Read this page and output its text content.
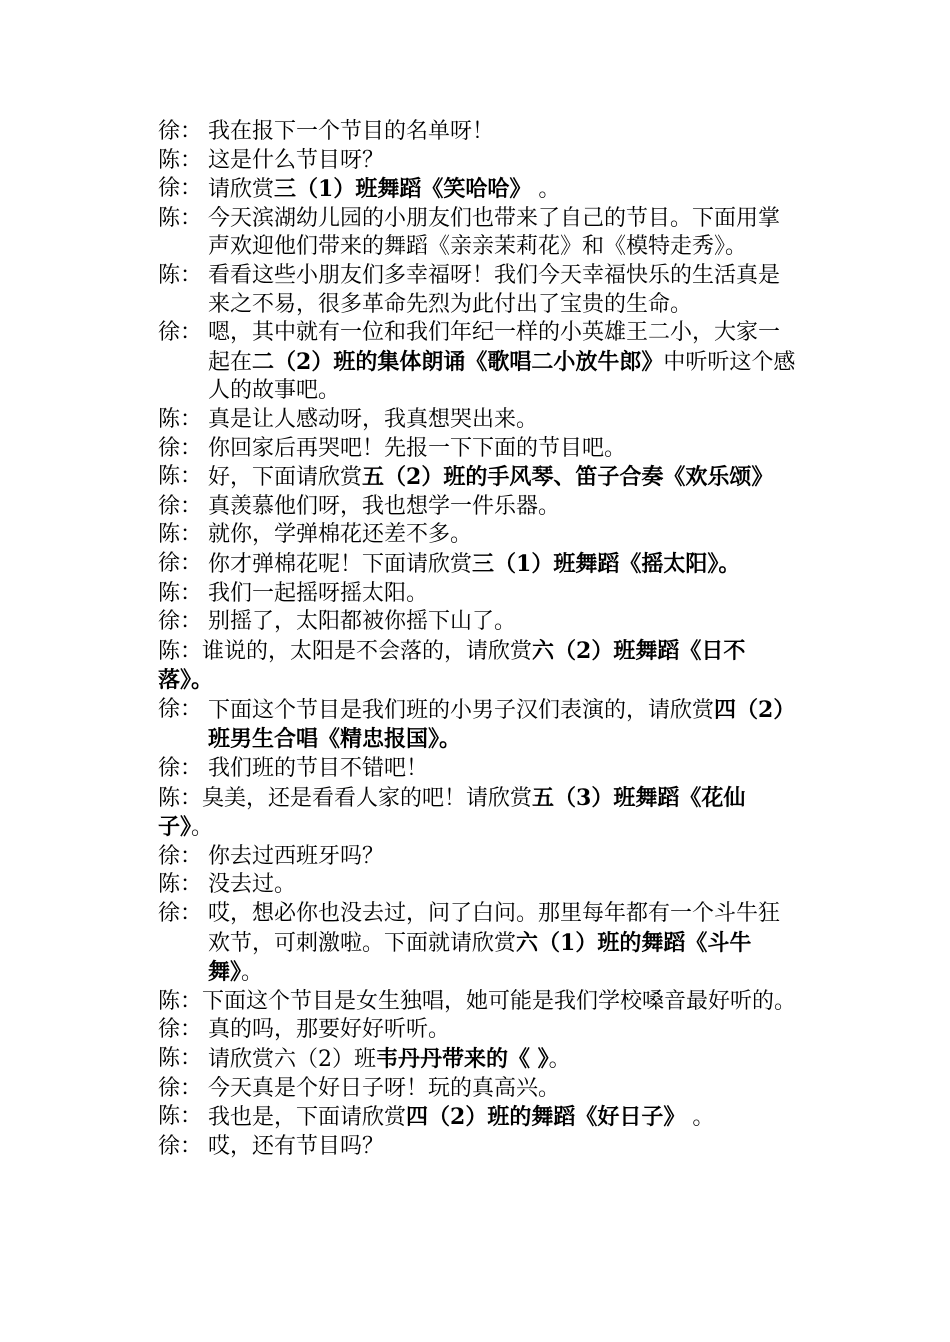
徐： 我在报下一个节目的名单呀！
陈： 这是什么节目呀？
徐： 请欣赏三（1）班舞蹈《笑哈哈》 。
陈： 今天滨湖幼儿园的小朋友们也带来了自己的节目。下面用掌声欢迎他们带来的舞蹈《亲亲茉莉花》和《模特走秀》。
陈： 看看这些小朋友们多幸福呀！我们今天幸福快乐的生活真是来之不易，很多革命先烈为此付出了宝贵的生命。
徐： 嗯，其中就有一位和我们年纪一样的小英雄王二小，大家一起在二（2）班的集体朗诵《歌唱二小放牛郎》中听听这个感人的故事吧。
陈： 真是让人感动呀，我真想哭出来。
徐： 你回家后再哭吧！先报一下下面的节目吧。
陈： 好，下面请欣赏五（2）班的手风琴、笛子合奏《欢乐颂》
徐： 真羡慕他们呀，我也想学一件乐器。
陈： 就你，学弹棉花还差不多。
徐： 你才弹棉花呢！下面请欣赏三（1）班舞蹈《摇太阳》。
陈： 我们一起摇呀摇太阳。
徐： 别摇了，太阳都被你摇下山了。
陈：谁说的，太阳是不会落的，请欣赏六（2）班舞蹈《日不落》。
徐： 下面这个节目是我们班的小男子汉们表演的，请欣赏四（2）班男生合唱《精忠报国》。
徐： 我们班的节目不错吧！
陈：臭美，还是看看人家的吧！请欣赏五（3）班舞蹈《花仙子》。
徐： 你去过西班牙吗？
陈： 没去过。
徐： 哎，想必你也没去过，问了白问。那里每年都有一个斗牛狂欢节，可刺激啦。下面就请欣赏六（1）班的舞蹈《斗牛舞》。
陈：下面这个节目是女生独唱，她可能是我们学校嗓音最好听的。
徐： 真的吗，那要好好听听。
陈： 请欣赏六（2）班韦丹丹带来的《 》。
徐： 今天真是个好日子呀！玩的真高兴。
陈： 我也是，下面请欣赏四（2）班的舞蹈《好日子》 。
徐： 哎，还有节目吗？
